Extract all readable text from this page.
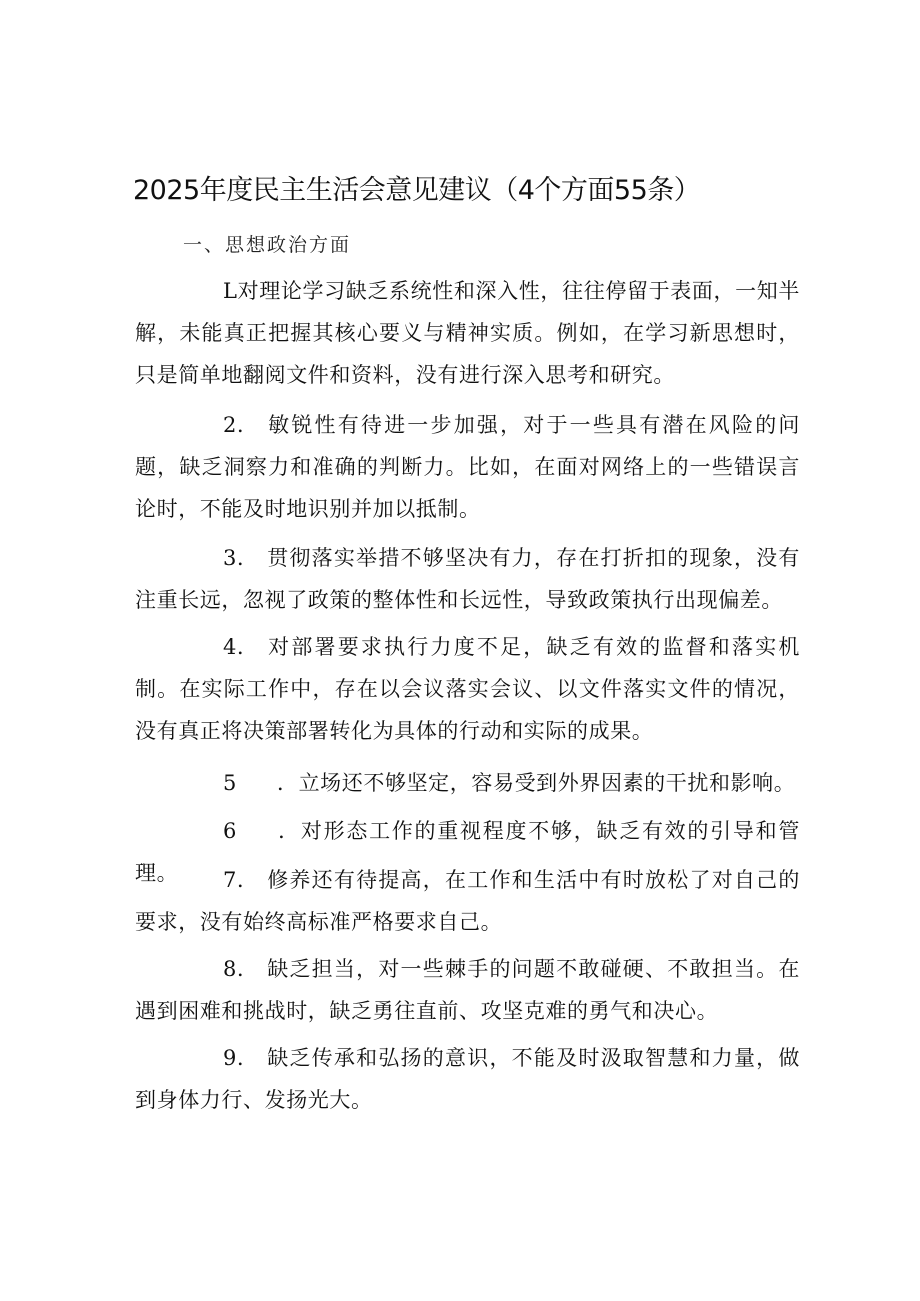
2025年度民主生活会意见建议（4个方面55条）
一、思想政治方面

L对理论学习缺乏系统性和深入性，往往停留于表面，一知半解，未能真正把握其核心要义与精神实质。例如，在学习新思想时，只是简单地翻阅文件和资料，没有进行深入思考和研究。

2． 敏锐性有待进一步加强，对于一些具有潜在风险的问题，缺乏洞察力和准确的判断力。比如，在面对网络上的一些错误言论时，不能及时地识别并加以抵制。

3． 贯彻落实举措不够坚决有力，存在打折扣的现象，没有注重长远，忽视了政策的整体性和长远性，导致政策执行出现偏差。

4． 对部署要求执行力度不足，缺乏有效的监督和落实机制。在实际工作中，存在以会议落实会议、以文件落实文件的情况，没有真正将决策部署转化为具体的行动和实际的成果。

5 ．立场还不够坚定，容易受到外界因素的干扰和影响。

6 ．对形态工作的重视程度不够，缺乏有效的引导和管理。	7． 修养还有待提高，在工作和生活中有时放松了对自己的要求，没有始终高标准严格要求自己。

8． 缺乏担当，对一些棘手的问题不敢碰硬、不敢担当。在遇到困难和挑战时，缺乏勇往直前、攻坚克难的勇气和决心。

9． 缺乏传承和弘扬的意识，不能及时汲取智慧和力量，做到身体力行、发扬光大。
